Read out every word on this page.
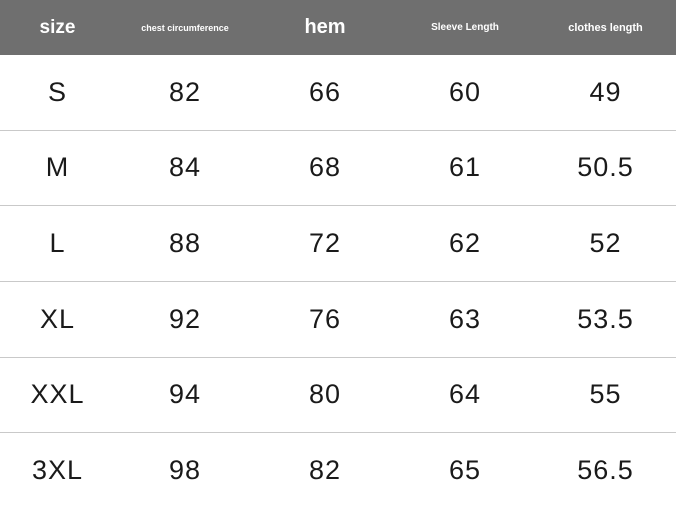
size	chest circumference	hem	Sleeve Length	clothes length
S	82	66	60	49
M	84	68	61	50.5
L	88	72	62	52
XL	92	76	63	53.5
XXL	94	80	64	55
3XL	98	82	65	56.5
